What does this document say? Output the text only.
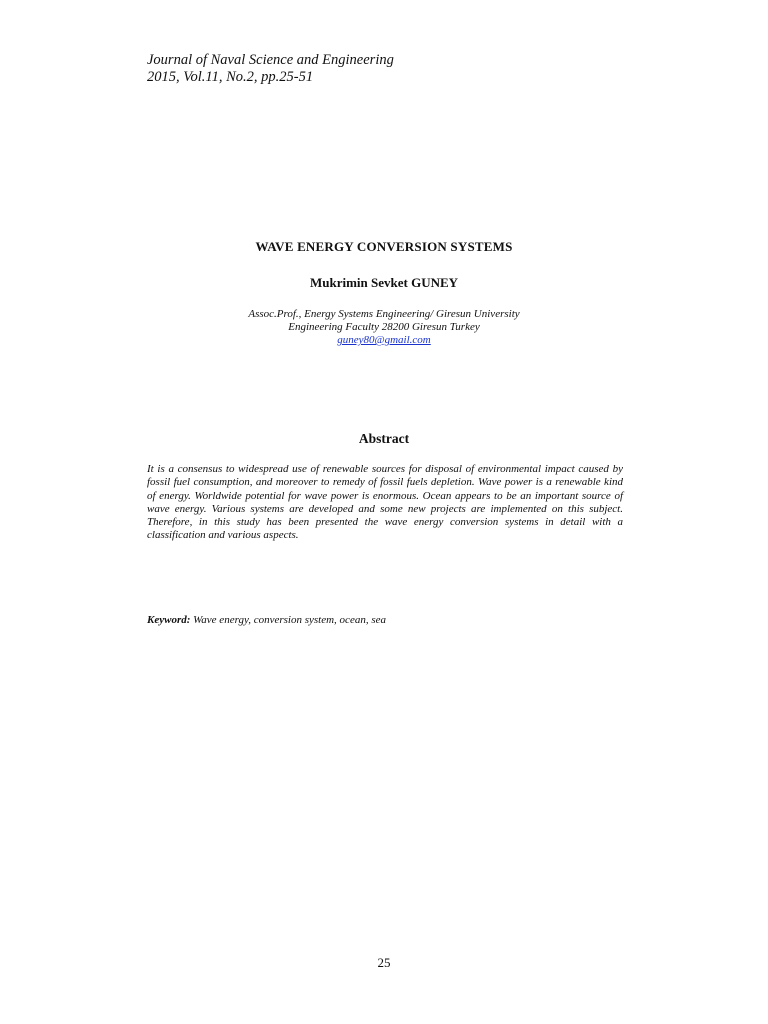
Journal of Naval Science and Engineering
2015, Vol.11, No.2, pp.25-51
WAVE ENERGY CONVERSION SYSTEMS
Mukrimin Sevket GUNEY
Assoc.Prof., Energy Systems Engineering/ Giresun University
Engineering Faculty 28200 Giresun Turkey
guney80@gmail.com
Abstract
It is a consensus to widespread use of renewable sources for disposal of environmental impact caused by fossil fuel consumption, and moreover to remedy of fossil fuels depletion. Wave power is a renewable kind of energy. Worldwide potential for wave power is enormous. Ocean appears to be an important source of wave energy. Various systems are developed and some new projects are implemented on this subject. Therefore, in this study has been presented the wave energy conversion systems in detail with a classification and various aspects.
Keyword: Wave energy, conversion system, ocean, sea
25
